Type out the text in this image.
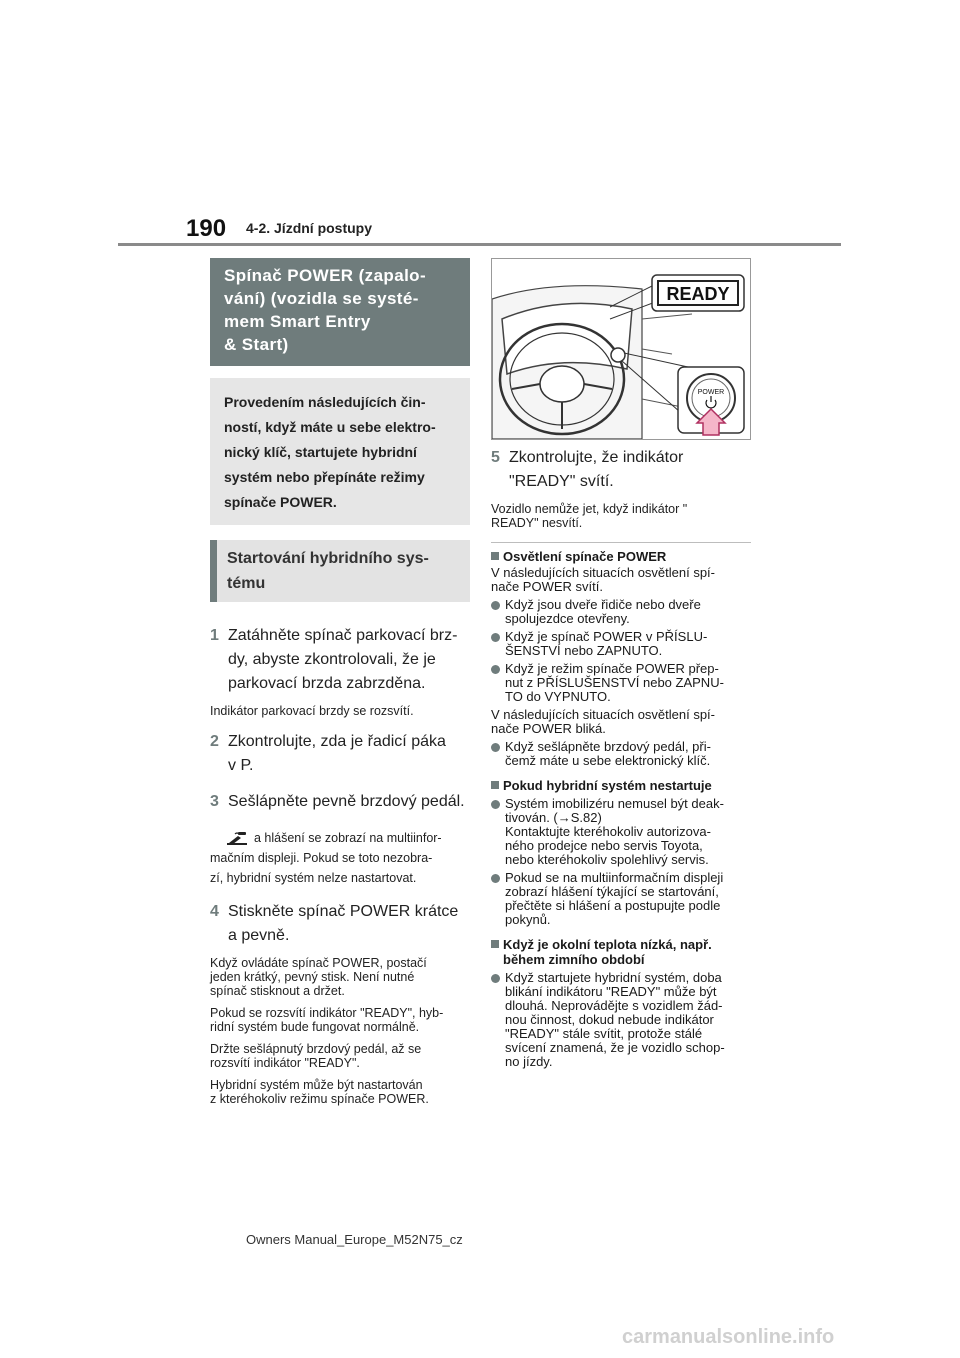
190 4-2. Jízdní postupy
Spínač POWER (zapalo-
vání) (vozidla se systé-
mem Smart Entry
& Start)
Provedením následujících čin-
ností, když máte u sebe elektro-
nický klíč, startujete hybridní
systém nebo přepínáte režimy
spínače POWER.
Startování hybridního sys-
tému
1 Zatáhněte spínač parkovací brz-
dy, abyste zkontrolovali, že je
parkovací brzda zabrzděna.
Indikátor parkovací brzdy se rozsvítí.
2 Zkontrolujte, zda je řadicí páka
v P.
3 Sešlápněte pevně brzdový pedál.
a hlášení se zobrazí na multiinfor-
mačním displeji. Pokud se toto nezobra-
zí, hybridní systém nelze nastartovat.
4 Stiskněte spínač POWER krátce
a pevně.
Když ovládáte spínač POWER, postačí
jeden krátký, pevný stisk. Není nutné
spínač stisknout a držet.
Pokud se rozsvítí indikátor "READY", hyb-
ridní systém bude fungovat normálně.
Držte sešlápnutý brzdový pedál, až se
rozsvítí indikátor "READY".
Hybridní systém může být nastartován
z kteréhokoliv režimu spínače POWER.
READY
POWER
5 Zkontrolujte, že indikátor
"READY" svítí.
Vozidlo nemůže jet, když indikátor "
READY" nesvítí.
Osvětlení spínače POWER
V následujících situacích osvětlení spí-
nače POWER svítí.
Když jsou dveře řidiče nebo dveře
spolujezdce otevřeny.
Když je spínač POWER v PŘÍSLU-
ŠENSTVÍ nebo ZAPNUTO.
Když je režim spínače POWER přep-
nut z PŘÍSLUŠENSTVÍ nebo ZAPNU-
TO do VYPNUTO.
V následujících situacích osvětlení spí-
nače POWER bliká.
Když sešlápněte brzdový pedál, při-
čemž máte u sebe elektronický klíč.
Pokud hybridní systém nestartuje
Systém imobilizéru nemusel být deak-
tivován. (→S.82)
Kontaktujte kteréhokoliv autorizova-
ného prodejce nebo servis Toyota,
nebo kteréhokoliv spolehlivý servis.
Pokud se na multiinformačním displeji
zobrazí hlášení týkající se startování,
přečtěte si hlášení a postupujte podle
pokynů.
Když je okolní teplota nízká, např.
během zimního období
Když startujete hybridní systém, doba
blikání indikátoru "READY" může být
dlouhá. Neprovádějte s vozidlem žád-
nou činnost, dokud nebude indikátor
"READY" stále svítit, protože stálé
svícení znamená, že je vozidlo schop-
no jízdy.
Owners Manual_Europe_M52N75_cz
carmanualsonline.info
